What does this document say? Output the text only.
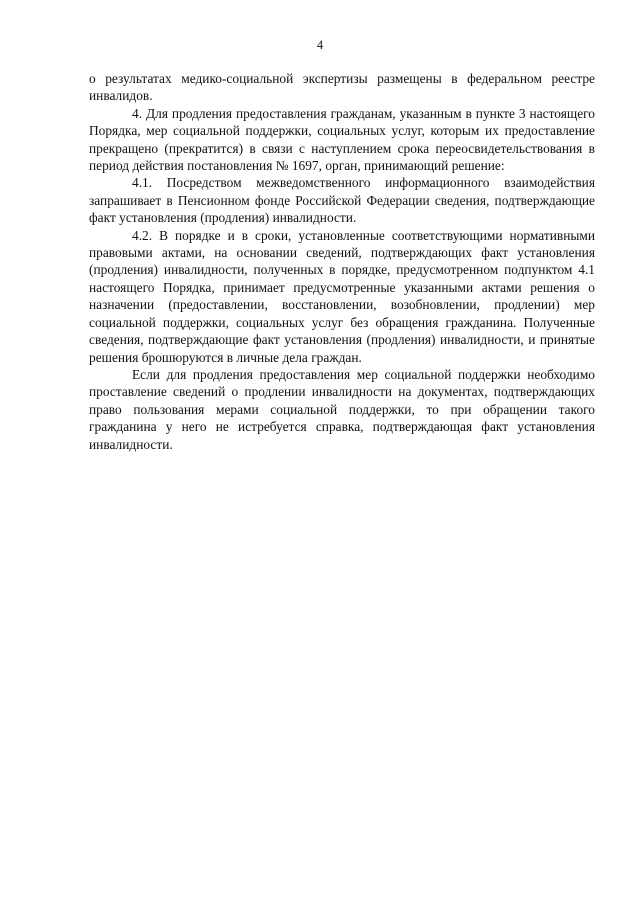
4

о результатах медико-социальной экспертизы размещены в федеральном реестре инвалидов.

4. Для продления предоставления гражданам, указанным в пункте 3 настоящего Порядка, мер социальной поддержки, социальных услуг, которым их предоставление прекращено (прекратится) в связи с наступлением срока переосвидетельствования в период действия постановления № 1697, орган, принимающий решение:

4.1. Посредством межведомственного информационного взаимодействия запрашивает в Пенсионном фонде Российской Федерации сведения, подтверждающие факт установления (продления) инвалидности.

4.2. В порядке и в сроки, установленные соответствующими нормативными правовыми актами, на основании сведений, подтверждающих факт установления (продления) инвалидности, полученных в порядке, предусмотренном подпунктом 4.1 настоящего Порядка, принимает предусмотренные указанными актами решения о назначении (предоставлении, восстановлении, возобновлении, продлении) мер социальной поддержки, социальных услуг без обращения гражданина. Полученные сведения, подтверждающие факт установления (продления) инвалидности, и принятые решения брошюруются в личные дела граждан.

Если для продления предоставления мер социальной поддержки необходимо проставление сведений о продлении инвалидности на документах, подтверждающих право пользования мерами социальной поддержки, то при обращении такого гражданина у него не истребуется справка, подтверждающая факт установления инвалидности.
